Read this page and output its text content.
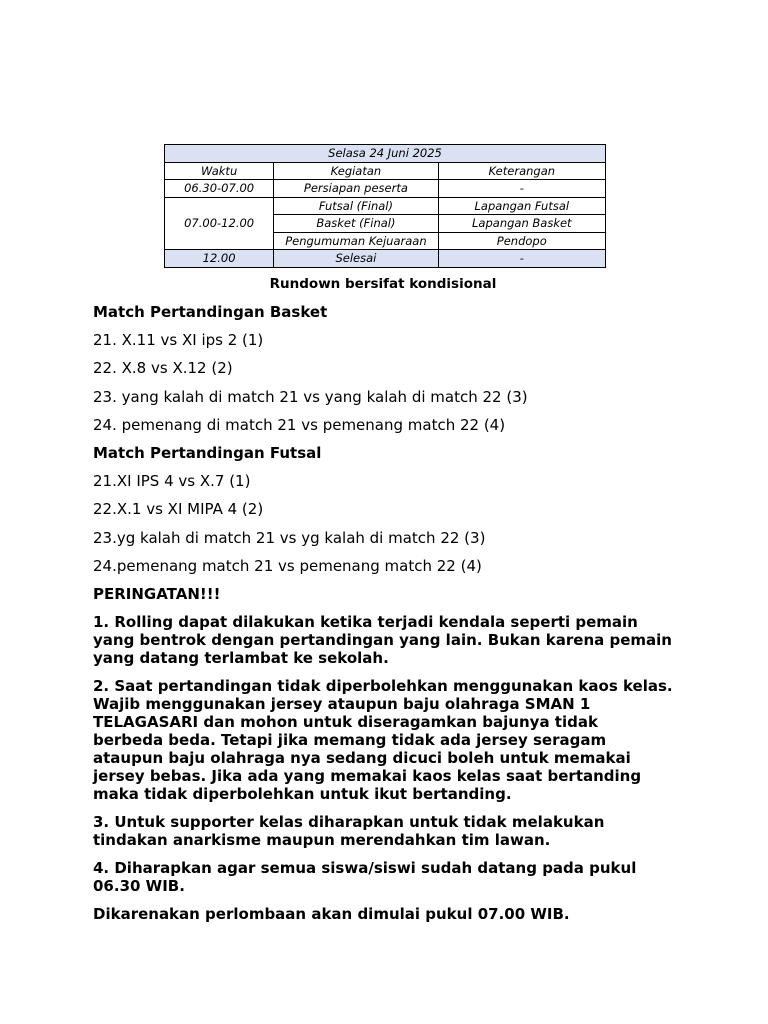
Selasa 24 Juni 2025		
Waktu	Kegiatan	Keterangan
06.30-07.00	Persiapan peserta	-
07.00-12.00	Futsal (Final)	Lapangan Futsal
	Basket (Final)	Lapangan Basket
	Pengumuman Kejuaraan	Pendopo
12.00	Selesai	-

Rundown bersifat kondisional

Match Pertandingan Basket

21. X.11 vs XI ips 2 (1)

22. X.8 vs X.12 (2)

23. yang kalah di match 21 vs yang kalah di match 22 (3)

24. pemenang di match 21 vs pemenang match 22 (4)

Match Pertandingan Futsal

21.XI IPS 4 vs X.7 (1)

22.X.1 vs XI MIPA 4 (2)

23.yg kalah di match 21 vs yg kalah di match 22 (3)

24.pemenang match 21 vs pemenang match 22 (4)

PERINGATAN!!!

1. Rolling dapat dilakukan ketika terjadi kendala seperti pemain yang bentrok dengan pertandingan yang lain. Bukan karena pemain yang datang terlambat ke sekolah.

2. Saat pertandingan tidak diperbolehkan menggunakan kaos kelas. Wajib menggunakan jersey ataupun baju olahraga SMAN 1 TELAGASARI dan mohon untuk diseragamkan bajunya tidak berbeda beda. Tetapi jika memang tidak ada jersey seragam ataupun baju olahraga nya sedang dicuci boleh untuk memakai jersey bebas. Jika ada yang memakai kaos kelas saat bertanding maka tidak diperbolehkan untuk ikut bertanding.

3. Untuk supporter kelas diharapkan untuk tidak melakukan tindakan anarkisme maupun merendahkan tim lawan.

4. Diharapkan agar semua siswa/siswi sudah datang pada pukul 06.30 WIB.

Dikarenakan perlombaan akan dimulai pukul 07.00 WIB.
